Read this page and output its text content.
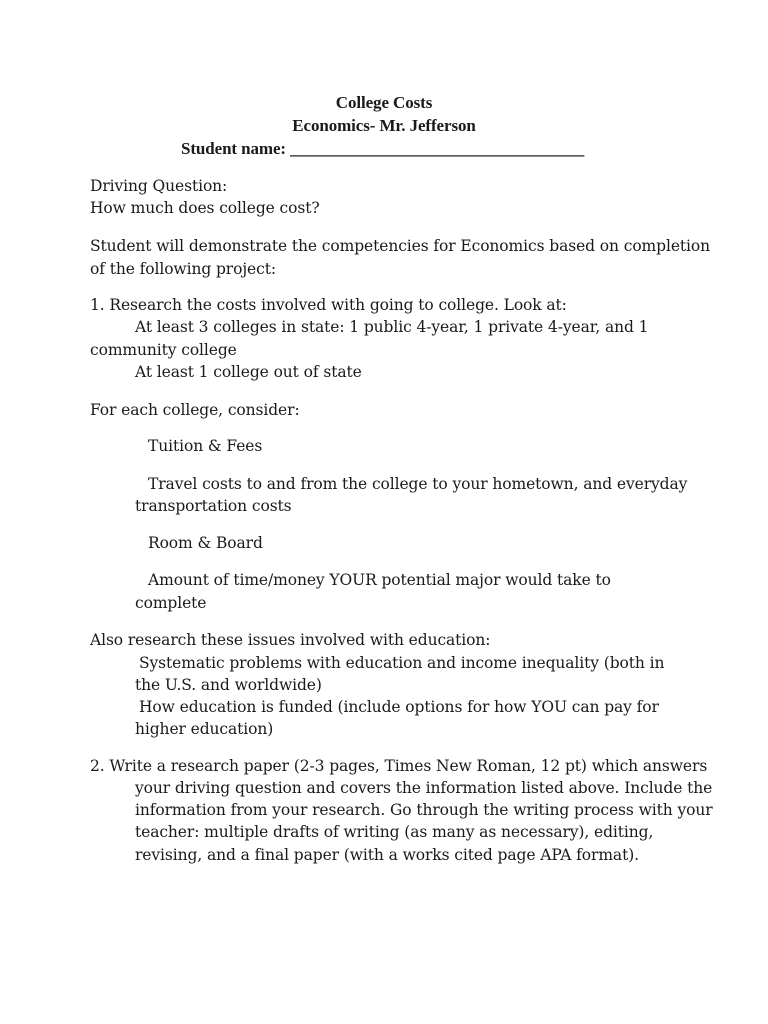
College Costs
Economics- Mr. Jefferson
Student name: ___________________________________
Driving Question:
How much does college cost?
Student will demonstrate the competencies for Economics based on completion
of the following project:
1. Research the costs involved with going to college. Look at:
At least 3 colleges in state: 1 public 4-year, 1 private 4-year, and 1
community college
At least 1 college out of state
For each college, consider:
Tuition & Fees
Travel costs to and from the college to your hometown, and everyday
transportation costs
Room & Board
Amount of time/money YOUR potential major would take to
complete
Also research these issues involved with education:
Systematic problems with education and income inequality (both in
the U.S. and worldwide)
How education is funded (include options for how YOU can pay for
higher education)
2. Write a research paper (2-3 pages, Times New Roman, 12 pt) which answers
your driving question and covers the information listed above. Include the
information from your research. Go through the writing process with your
teacher: multiple drafts of writing (as many as necessary), editing,
revising, and a final paper (with a works cited page APA format).
